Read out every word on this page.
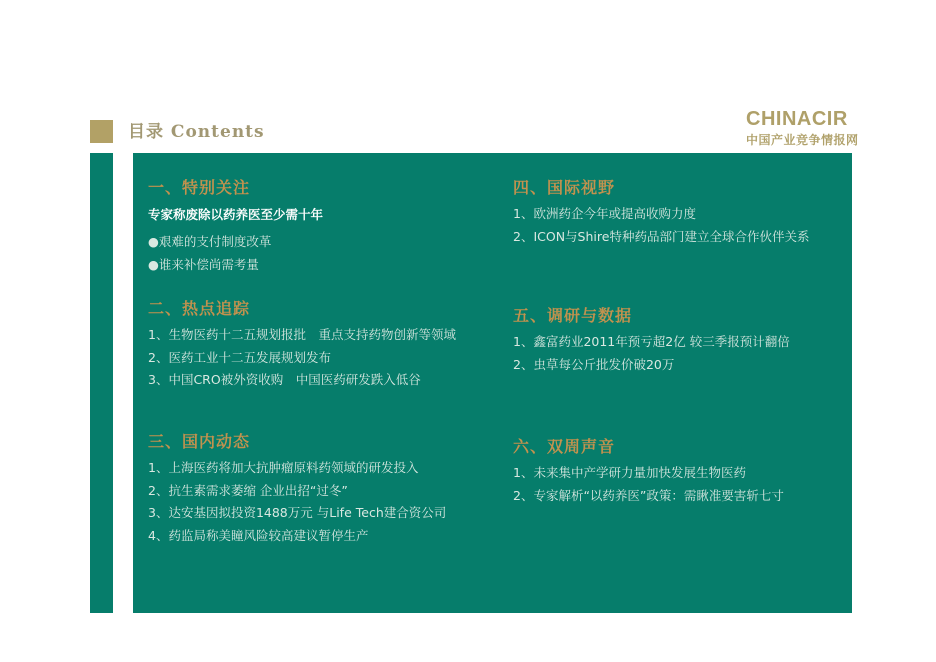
目录 Contents
CHINACIR
中国产业竞争情报网
一、特别关注
专家称废除以药养医至少需十年
●艰难的支付制度改革
●谁来补偿尚需考量
二、热点追踪
1、生物医药十二五规划报批　重点支持药物创新等领域
2、医药工业十二五发展规划发布
3、中国CRO被外资收购　中国医药研发跌入低谷
三、国内动态
1、上海医药将加大抗肿瘤原料药领域的研发投入
2、抗生素需求萎缩 企业出招“过冬”
3、达安基因拟投资1488万元 与Life Tech建合资公司
4、药监局称美瞳风险较高建议暂停生产
四、国际视野
1、欧洲药企今年或提高收购力度
2、ICON与Shire特种药品部门建立全球合作伙伴关系
五、调研与数据
1、鑫富药业2011年预亏超2亿 较三季报预计翻倍
2、虫草每公斤批发价破20万
六、双周声音
1、未来集中产学研力量加快发展生物医药
2、专家解析“以药养医”政策：需瞅准要害斩七寸
